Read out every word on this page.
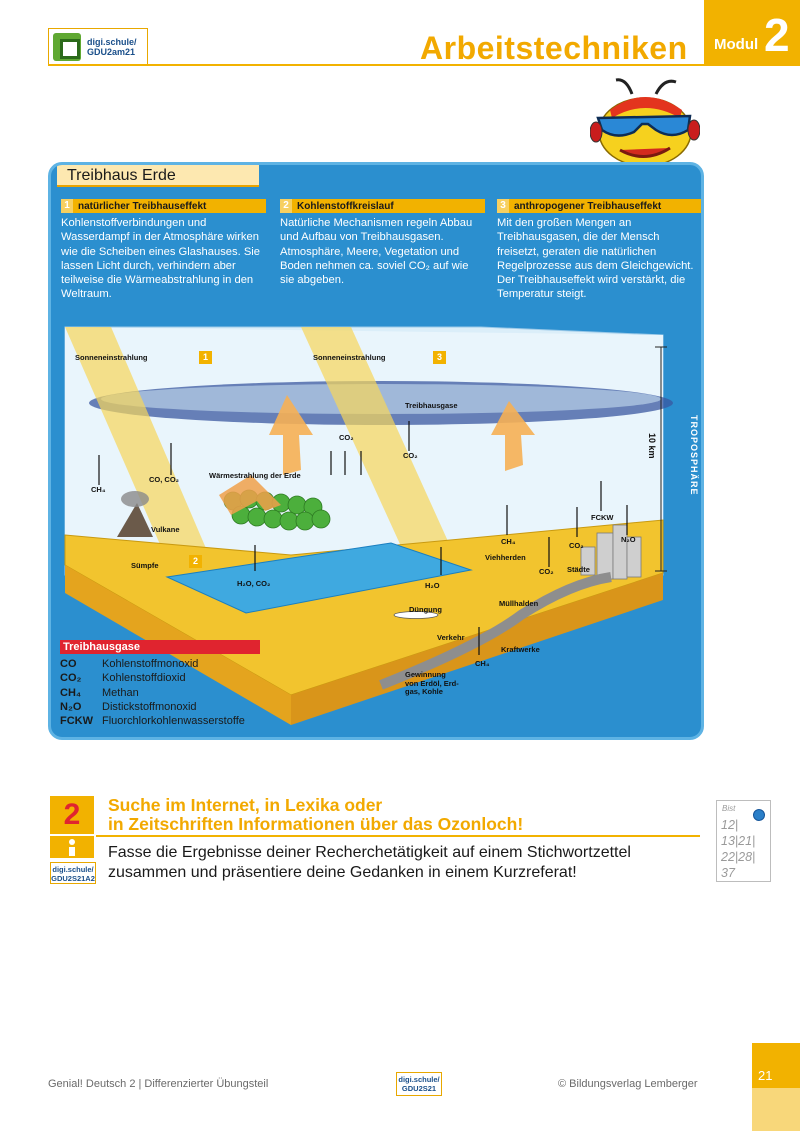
digi.schule/
GDU2am21	Arbeitstechniken Modul 2
Treibhaus Erde
1 natürlicher Treibhauseffekt
Kohlenstoffverbindungen und Wasserdampf in der Atmosphäre wirken wie die Scheiben eines Glashauses. Sie lassen Licht durch, verhindern aber teilweise die Wärmeabstrahlung in den Weltraum.
2 Kohlenstoffkreislauf
Natürliche Mechanismen regeln Abbau und Aufbau von Treibhausgasen. Atmosphäre, Meere, Vegetation und Boden nehmen ca. soviel CO₂ auf wie sie abgeben.
3 anthropogener Treibhauseffekt
Mit den großen Mengen an Treibhausgasen, die der Mensch freisetzt, geraten die natürlichen Regelprozesse aus dem Gleichgewicht. Der Treibhauseffekt wird verstärkt, die Temperatur steigt.
Sonneneinstrahlung	1	Sonneneinstrahlung	3
Treibhausgase
CO₂
CO₂
CH₄
CO, CO₂	Wärmestrahlung der Erde
Vulkane
2
Sümpfe
H₂O, CO₂	H₂O
Düngung
Verkehr
Gewinnung
von Erdöl, Erd-
gas, Kohle
CH₄
Kraftwerke
Müllhalden
Viehherden
CH₄
CO₂ Städte
CO₂
FCKW
N₂O
TROPOSPHÄRE
10 km
Treibhausgase
CO	Kohlenstoffmonoxid
CO₂	Kohlenstoffdioxid
CH₄	Methan
N₂O	Distickstoffmonoxid
FCKW Fluorchlorkohlenwasserstoffe
2
digi.schule/
GDU2S21A2
Suche im Internet, in Lexika oder
in Zeitschriften Informationen über das Ozonloch!
Fasse die Ergebnisse deiner Recherchetätigkeit auf einem Stichwortzettel
zusammen und präsentiere deine Gedanken in einem Kurzreferat!
Bist
12|
13|21|
22|28|
37
Genial! Deutsch 2 | Differenzierter Übungsteil	digi.schule/
GDU2S21	© Bildungsverlag Lemberger
21
